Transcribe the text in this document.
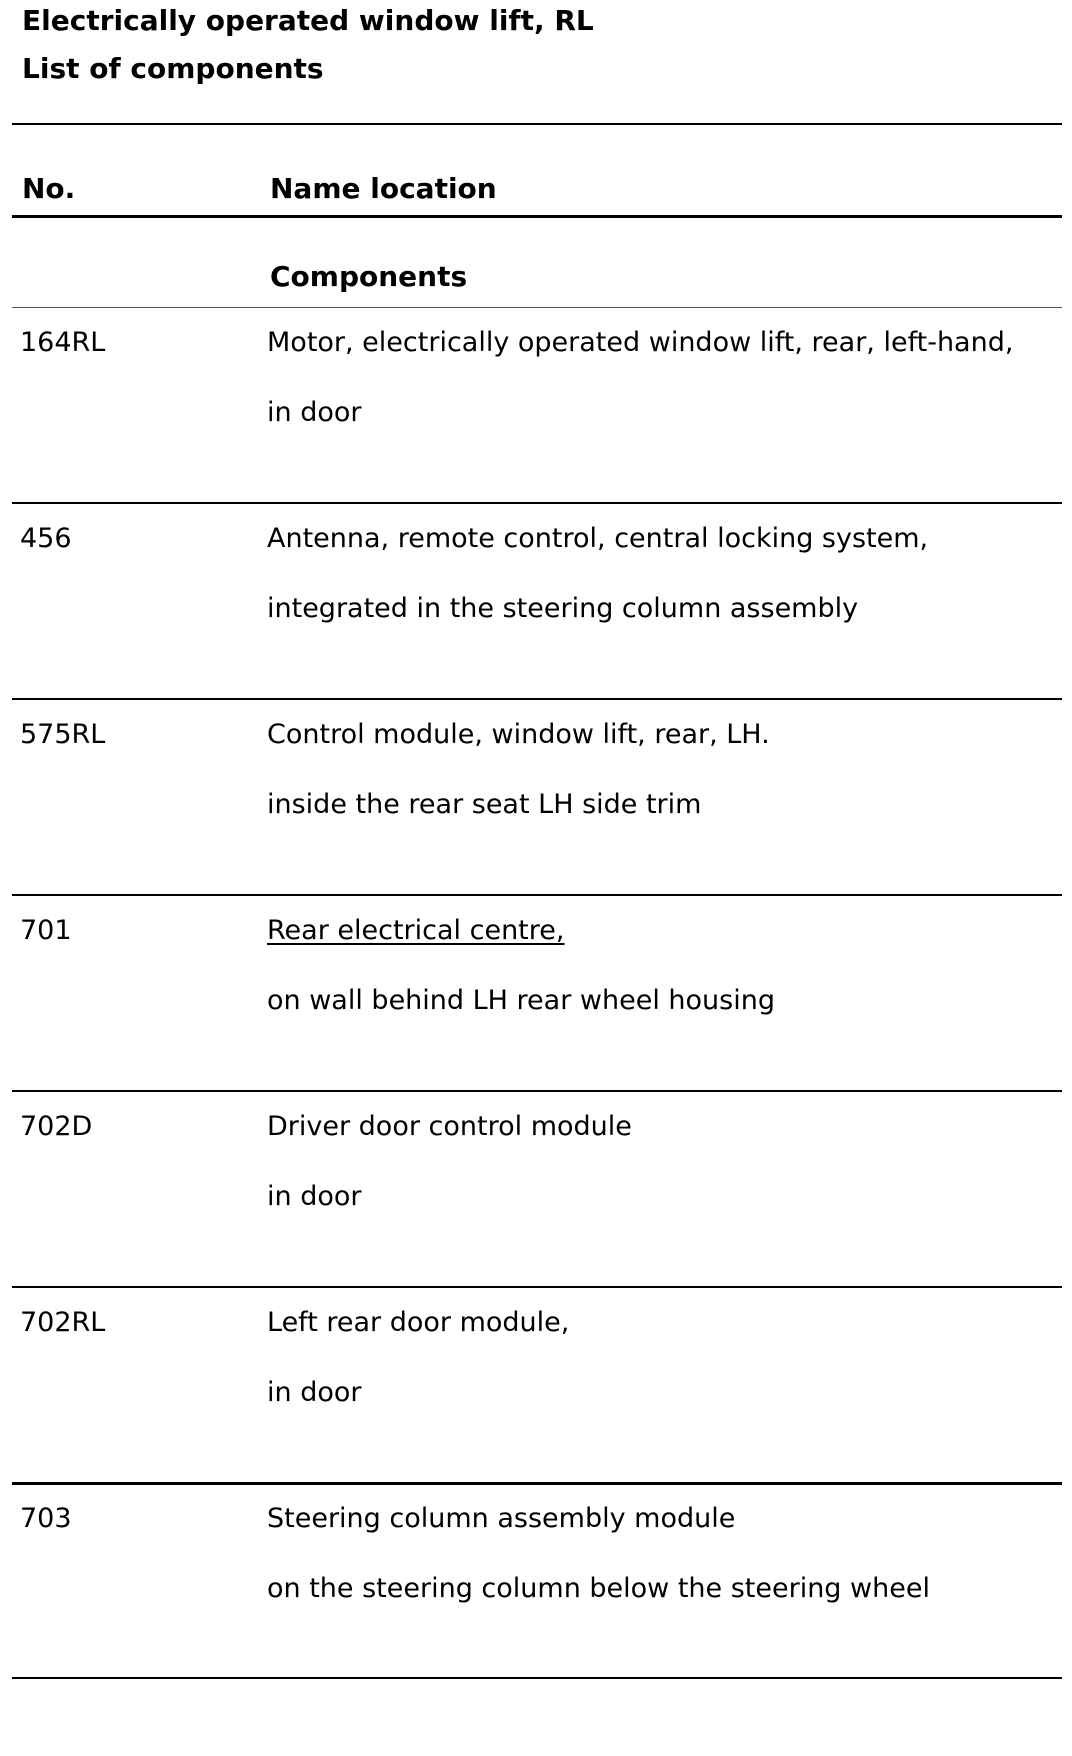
Electrically operated window lift, RL
List of components
No.	Name location
Components
164RL	Motor, electrically operated window lift, rear, left-hand,
in door
456	Antenna, remote control, central locking system,
integrated in the steering column assembly
575RL	Control module, window lift, rear, LH.
inside the rear seat LH side trim
701	Rear electrical centre,
on wall behind LH rear wheel housing
702D	Driver door control module
in door
702RL	Left rear door module,
in door
703	Steering column assembly module
on the steering column below the steering wheel
